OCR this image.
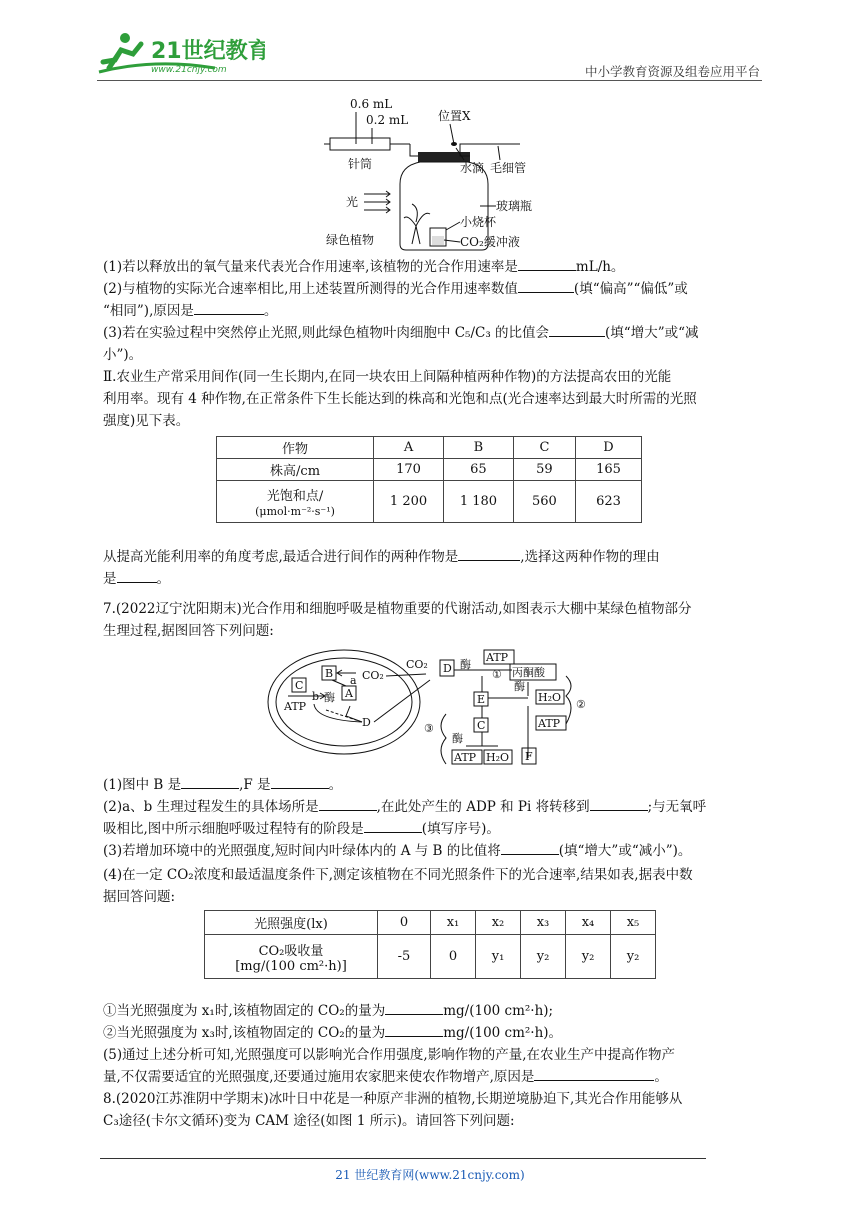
21世纪教育
www.21cnjy.com	中小学教育资源及组卷应用平台
0.6 mL
0.2 mL 位置X
针筒	水滴 毛细管
光	玻璃瓶
小烧杯
绿色植物	CO₂缓冲液
(1)若以释放出的氧气量来代表光合作用速率,该植物的光合作用速率是	mL/h。
(2)与植物的实际光合速率相比,用上述装置所测得的光合作用速率数值	(填“偏高”“偏低”或
“相同”),原因是	。
(3)若在实验过程中突然停止光照,则此绿色植物叶肉细胞中 C₅/C₃ 的比值会	(填“增大”或“减
小”)。
Ⅱ.农业生产常采用间作(同一生长期内,在同一块农田上间隔种植两种作物)的方法提高农田的光能
利用率。现有 4 种作物,在正常条件下生长能达到的株高和光饱和点(光合速率达到最大时所需的光照
强度)见下表。
作物	A	B	C	D
株高/cm	170	65	59	165
光饱和点/
(μmol·m⁻²·s⁻¹)	1 200	1 180	560	623
从提高光能利用率的角度考虑,最适合进行间作的两种作物是	,选择这两种作物的理由
是	。
7.(2022辽宁沈阳期末)光合作用和细胞呼吸是植物重要的代谢活动,如图表示大棚中某绿色植物部分
生理过程,据图回答下列问题:
B	CO₂
CO₂
C
b 酶 A
a
ATP
D
D 酶
ATP
① 丙酮酸
E
酶
H₂O
②
C
③	ATP
酶
ATP H₂O F
(1)图中 B 是	,F 是	。
(2)a、b 生理过程发生的具体场所是	,在此处产生的 ADP 和 Pi 将转移到	;与无氧呼
吸相比,图中所示细胞呼吸过程特有的阶段是	(填写序号)。
(3)若增加环境中的光照强度,短时间内叶绿体内的 A 与 B 的比值将	(填“增大”或“减小”)。
(4)在一定 CO₂浓度和最适温度条件下,测定该植物在不同光照条件下的光合速率,结果如表,据表中数
据回答问题:
光照强度(lx)	0	x₁	x₂	x₃	x₄	x₅
CO₂吸收量
[mg/(100 cm²·h)]	-5	0	y₁	y₂	y₂	y₂
①当光照强度为 x₁时,该植物固定的 CO₂的量为	mg/(100 cm²·h);
②当光照强度为 x₃时,该植物固定的 CO₂的量为	mg/(100 cm²·h)。
(5)通过上述分析可知,光照强度可以影响光合作用强度,影响作物的产量,在农业生产中提高作物产
量,不仅需要适宜的光照强度,还要通过施用农家肥来使农作物增产,原因是	。
8.(2020江苏淮阴中学期末)冰叶日中花是一种原产非洲的植物,长期逆境胁迫下,其光合作用能够从
C₃途径(卡尔文循环)变为 CAM 途径(如图 1 所示)。请回答下列问题:
21 世纪教育网(www.21cnjy.com)
